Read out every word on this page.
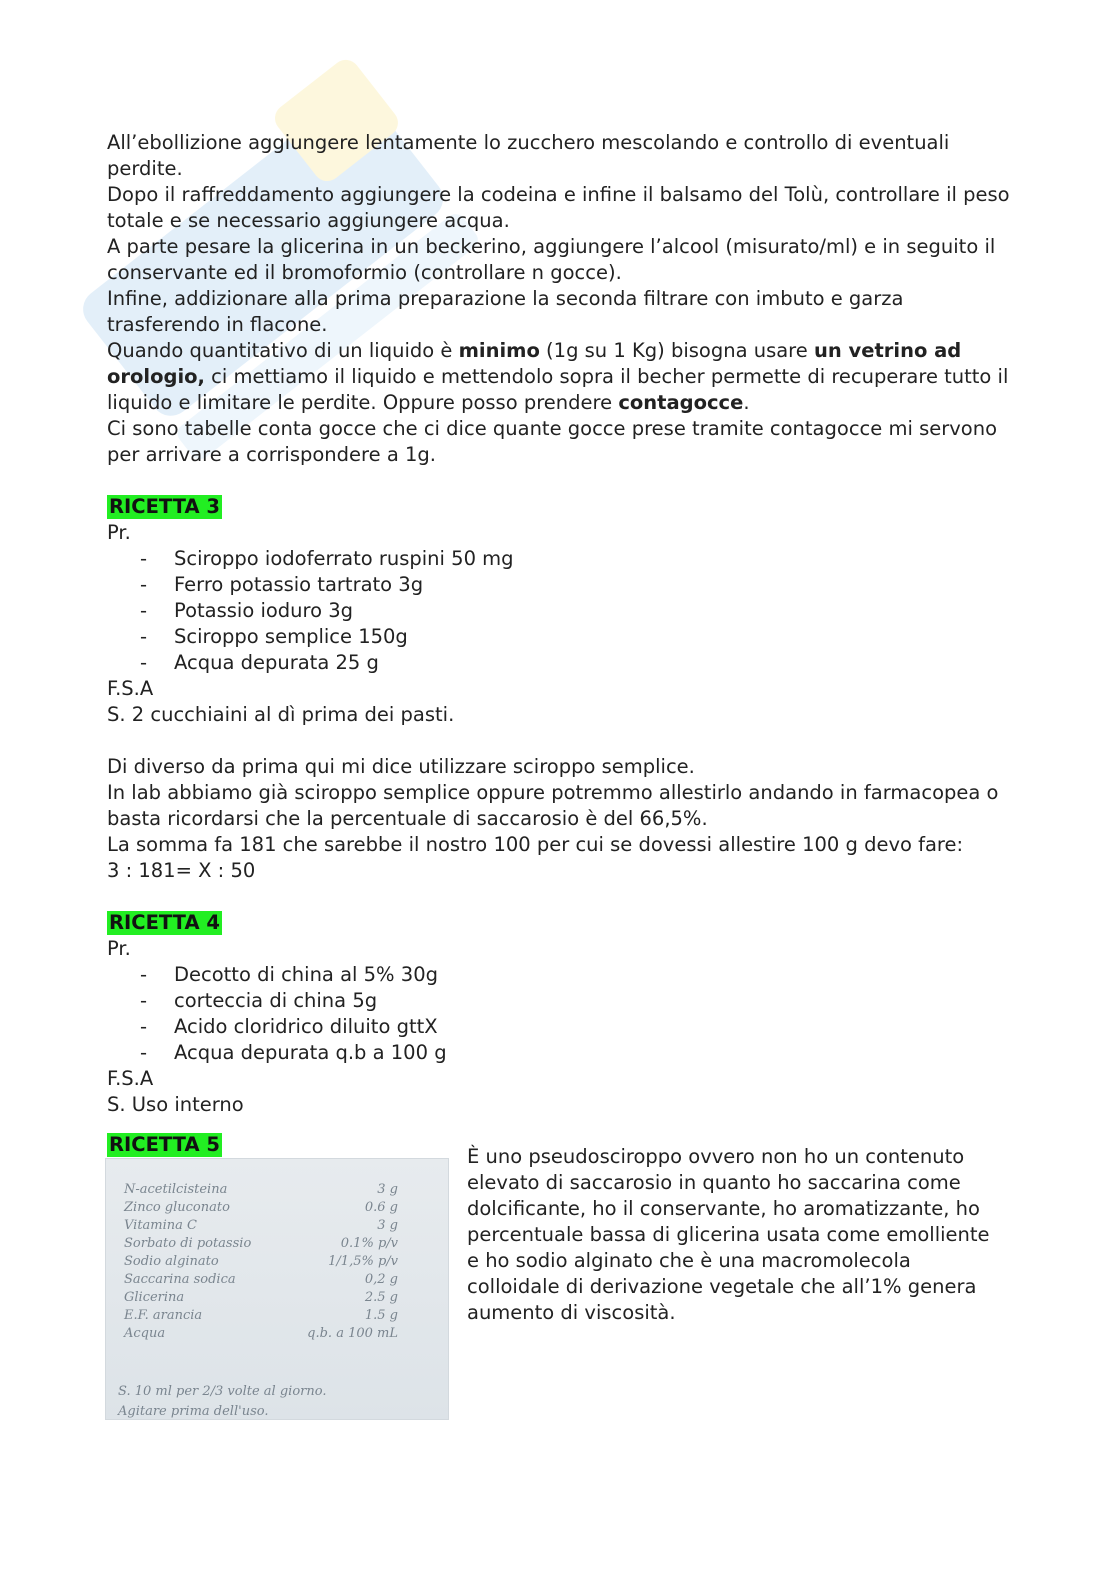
All’ebollizione aggiungere lentamente lo zucchero mescolando e controllo di eventuali perdite.

Dopo il raffreddamento aggiungere la codeina e infine il balsamo del Tolù, controllare il peso totale e se necessario aggiungere acqua.

A parte pesare la glicerina in un beckerino, aggiungere l’alcool (misurato/ml) e in seguito il conservante ed il bromoformio (controllare n gocce).

Infine, addizionare alla prima preparazione la seconda filtrare con imbuto e garza trasferendo in flacone.

Quando quantitativo di un liquido è minimo (1g su 1 Kg) bisogna usare un vetrino ad orologio, ci mettiamo il liquido e mettendolo sopra il becher permette di recuperare tutto il liquido e limitare le perdite. Oppure posso prendere contagocce.

Ci sono tabelle conta gocce che ci dice quante gocce prese tramite contagocce mi servono per arrivare a corrispondere a 1g.

RICETTA 3

Pr.

- Sciroppo iodoferrato ruspini 50 mg
- Ferro potassio tartrato 3g
- Potassio ioduro 3g
- Sciroppo semplice 150g
- Acqua depurata 25 g

F.S.A

S. 2 cucchiaini al dì prima dei pasti.

Di diverso da prima qui mi dice utilizzare sciroppo semplice.

In lab abbiamo già sciroppo semplice oppure potremmo allestirlo andando in farmacopea o basta ricordarsi che la percentuale di saccarosio è del 66,5%.

La somma fa 181 che sarebbe il nostro 100 per cui se dovessi allestire 100 g devo fare:

3 : 181= X : 50

RICETTA 4

Pr.

- Decotto di china al 5% 30g
- corteccia di china 5g
- Acido cloridrico diluito gttX
- Acqua depurata q.b a 100 g

F.S.A

S. Uso interno

RICETTA 5

N-acetilcisteina	3 g
Zinco gluconato	0.6 g
Vitamina C	3 g
Sorbato di potassio	0.1% p/v
Sodio alginato	1/1,5% p/v
Saccarina sodica	0,2 g
Glicerina	2.5 g
E.F. arancia	1.5 g
Acqua	q.b. a 100 mL
S. 10 ml per 2/3 volte al giorno.
Agitare prima dell'uso.

È uno pseudosciroppo ovvero non ho un contenuto elevato di saccarosio in quanto ho saccarina come dolcificante, ho il conservante, ho aromatizzante, ho percentuale bassa di glicerina usata come emolliente e ho sodio alginato che è una macromolecola colloidale di derivazione vegetale che all’1% genera aumento di viscosità.
